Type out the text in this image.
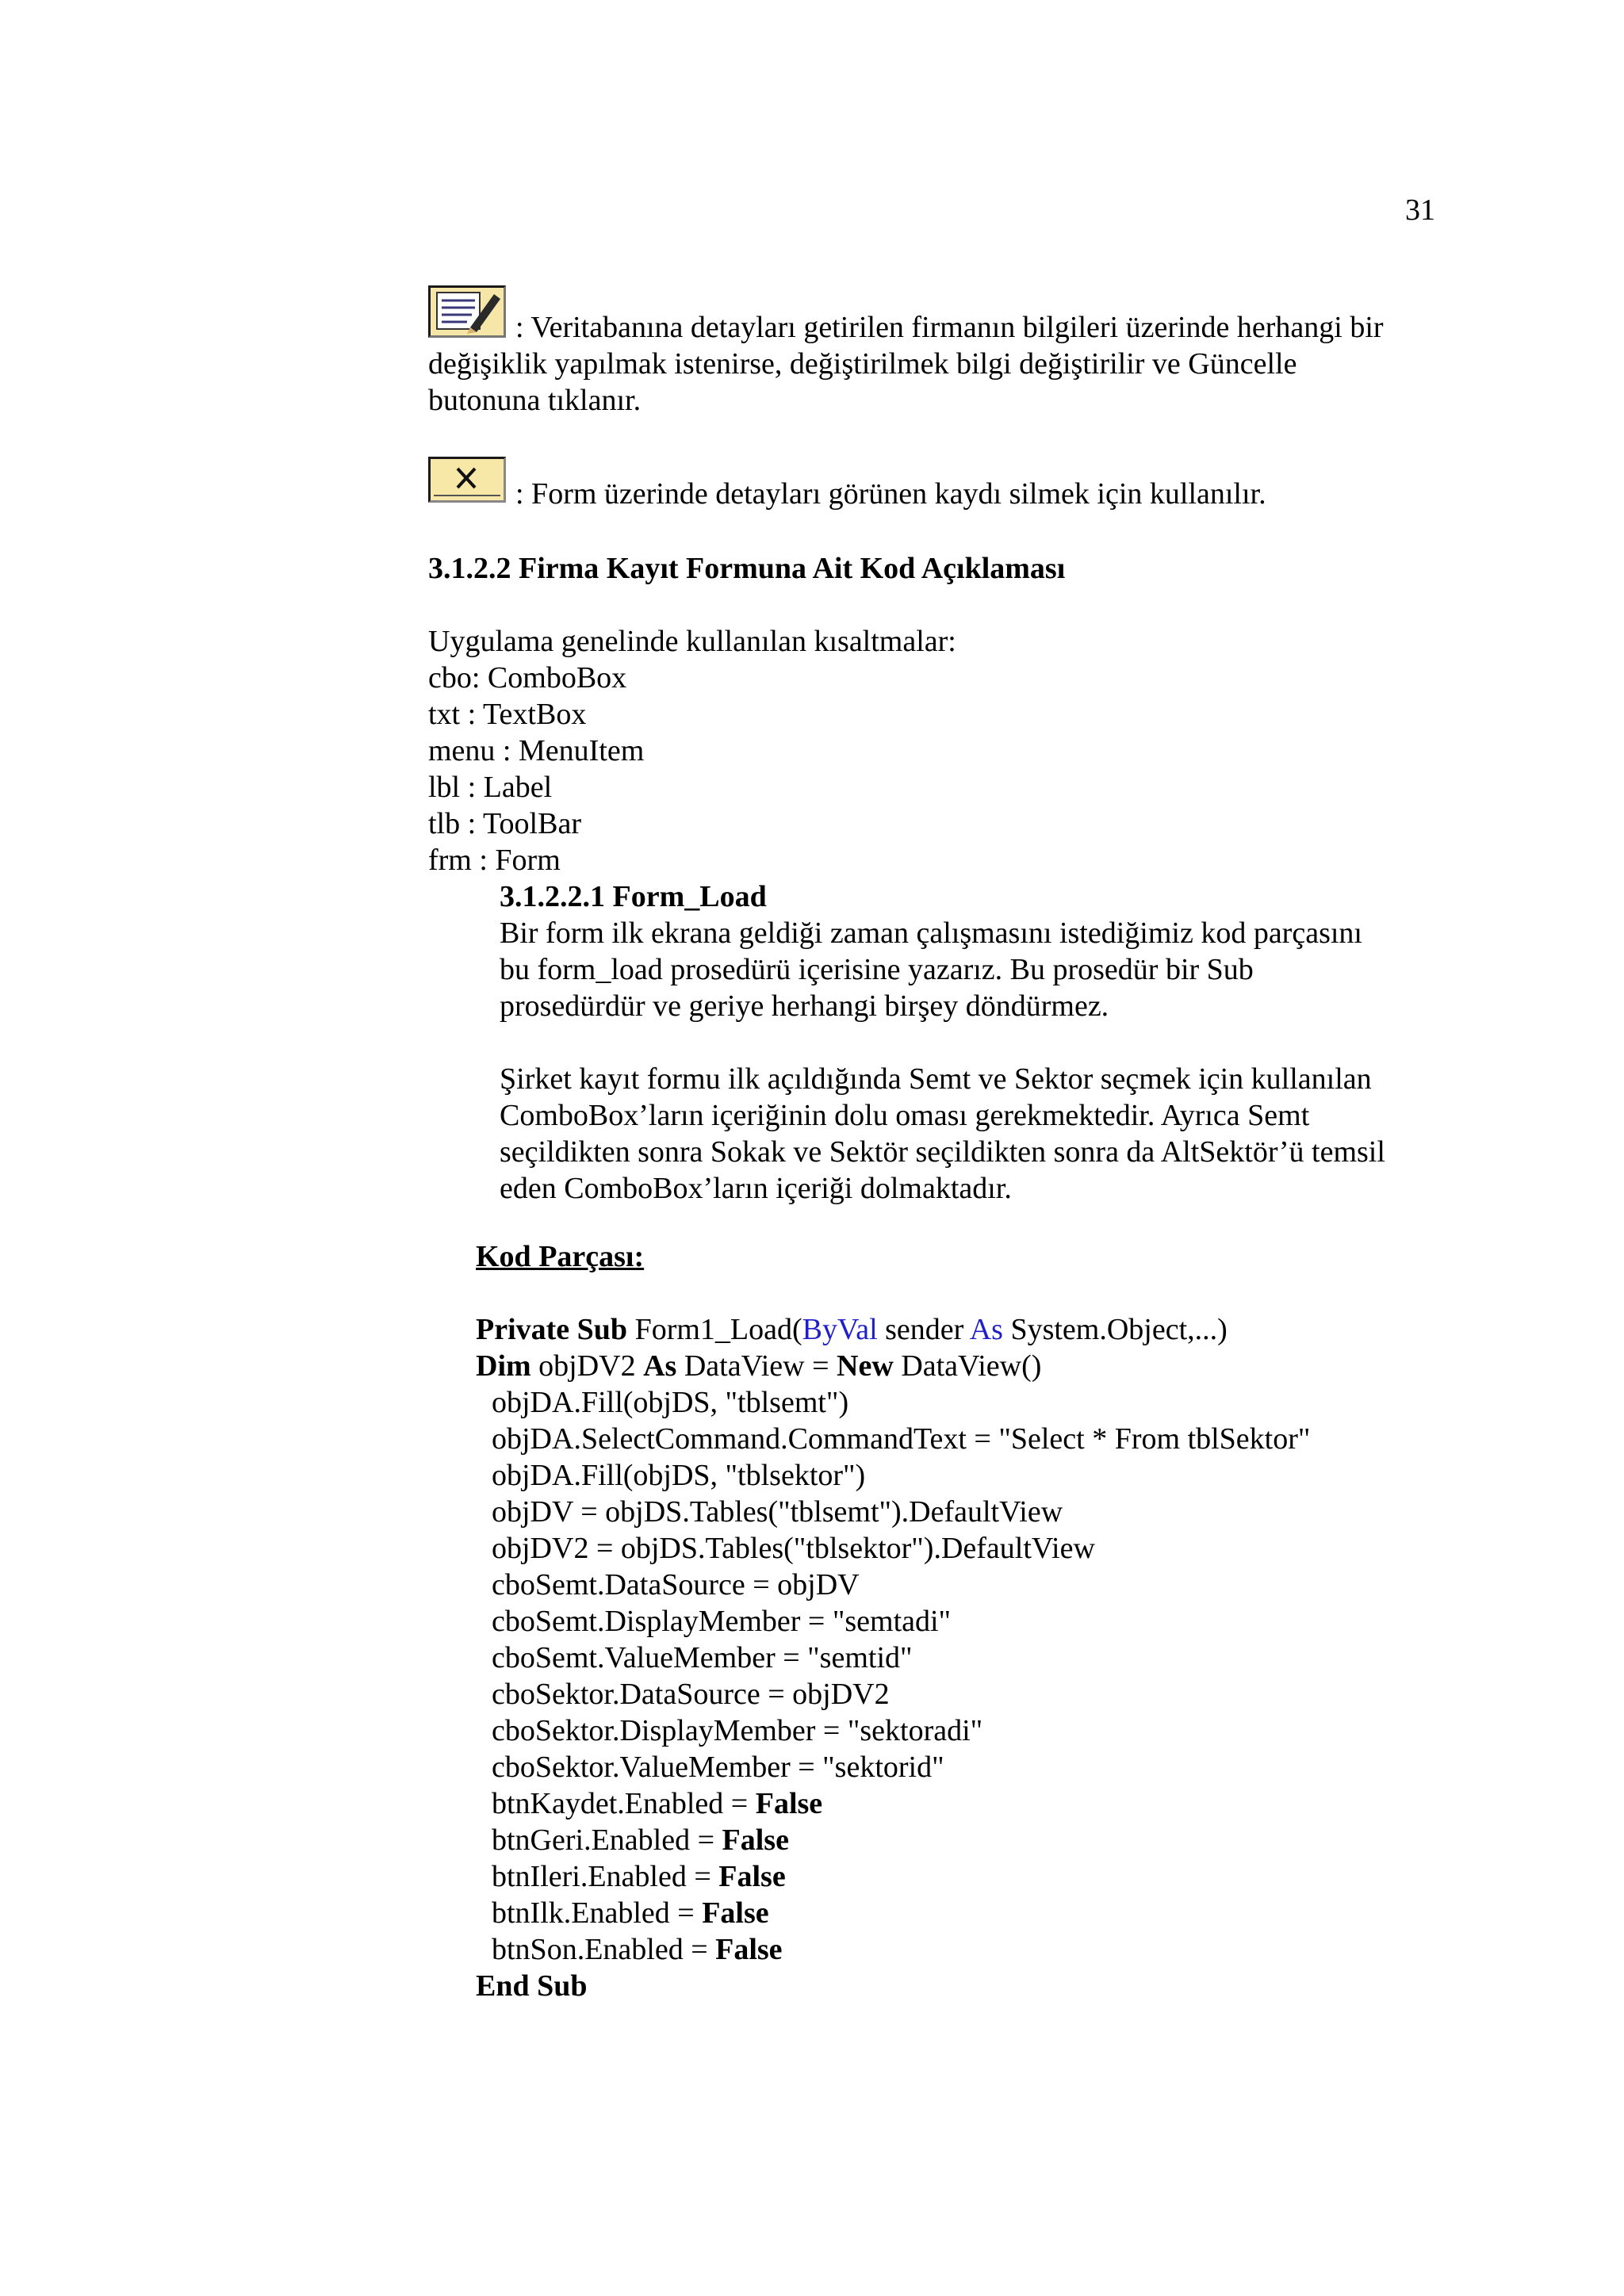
31
: Veritabanına detayları getirilen firmanın bilgileri üzerinde herhangi bir
değişiklik yapılmak istenirse, değiştirilmek bilgi değiştirilir ve Güncelle
butonuna tıklanır.
: Form üzerinde detayları görünen kaydı silmek için kullanılır.
3.1.2.2 Firma Kayıt Formuna Ait Kod Açıklaması
Uygulama genelinde kullanılan kısaltmalar:
cbo: ComboBox
txt : TextBox
menu : MenuItem
lbl : Label
tlb : ToolBar
frm : Form
3.1.2.2.1 Form_Load
Bir form ilk ekrana geldiği zaman çalışmasını istediğimiz kod parçasını
bu form_load prosedürü içerisine yazarız. Bu prosedür bir Sub
prosedürdür ve geriye herhangi birşey döndürmez.
Şirket kayıt formu ilk açıldığında Semt ve Sektor seçmek için kullanılan
ComboBox’ların içeriğinin dolu oması gerekmektedir. Ayrıca Semt
seçildikten sonra Sokak ve Sektör seçildikten sonra da AltSektör’ü temsil
eden ComboBox’ların içeriği dolmaktadır.
Kod Parçası:
Private Sub Form1_Load(ByVal sender As System.Object,...)
Dim objDV2 As DataView = New DataView()
objDA.Fill(objDS, "tblsemt")
objDA.SelectCommand.CommandText = "Select * From tblSektor"
objDA.Fill(objDS, "tblsektor")
objDV = objDS.Tables("tblsemt").DefaultView
objDV2 = objDS.Tables("tblsektor").DefaultView
cboSemt.DataSource = objDV
cboSemt.DisplayMember = "semtadi"
cboSemt.ValueMember = "semtid"
cboSektor.DataSource = objDV2
cboSektor.DisplayMember = "sektoradi"
cboSektor.ValueMember = "sektorid"
btnKaydet.Enabled = False
btnGeri.Enabled = False
btnIleri.Enabled = False
btnIlk.Enabled = False
btnSon.Enabled = False
End Sub
